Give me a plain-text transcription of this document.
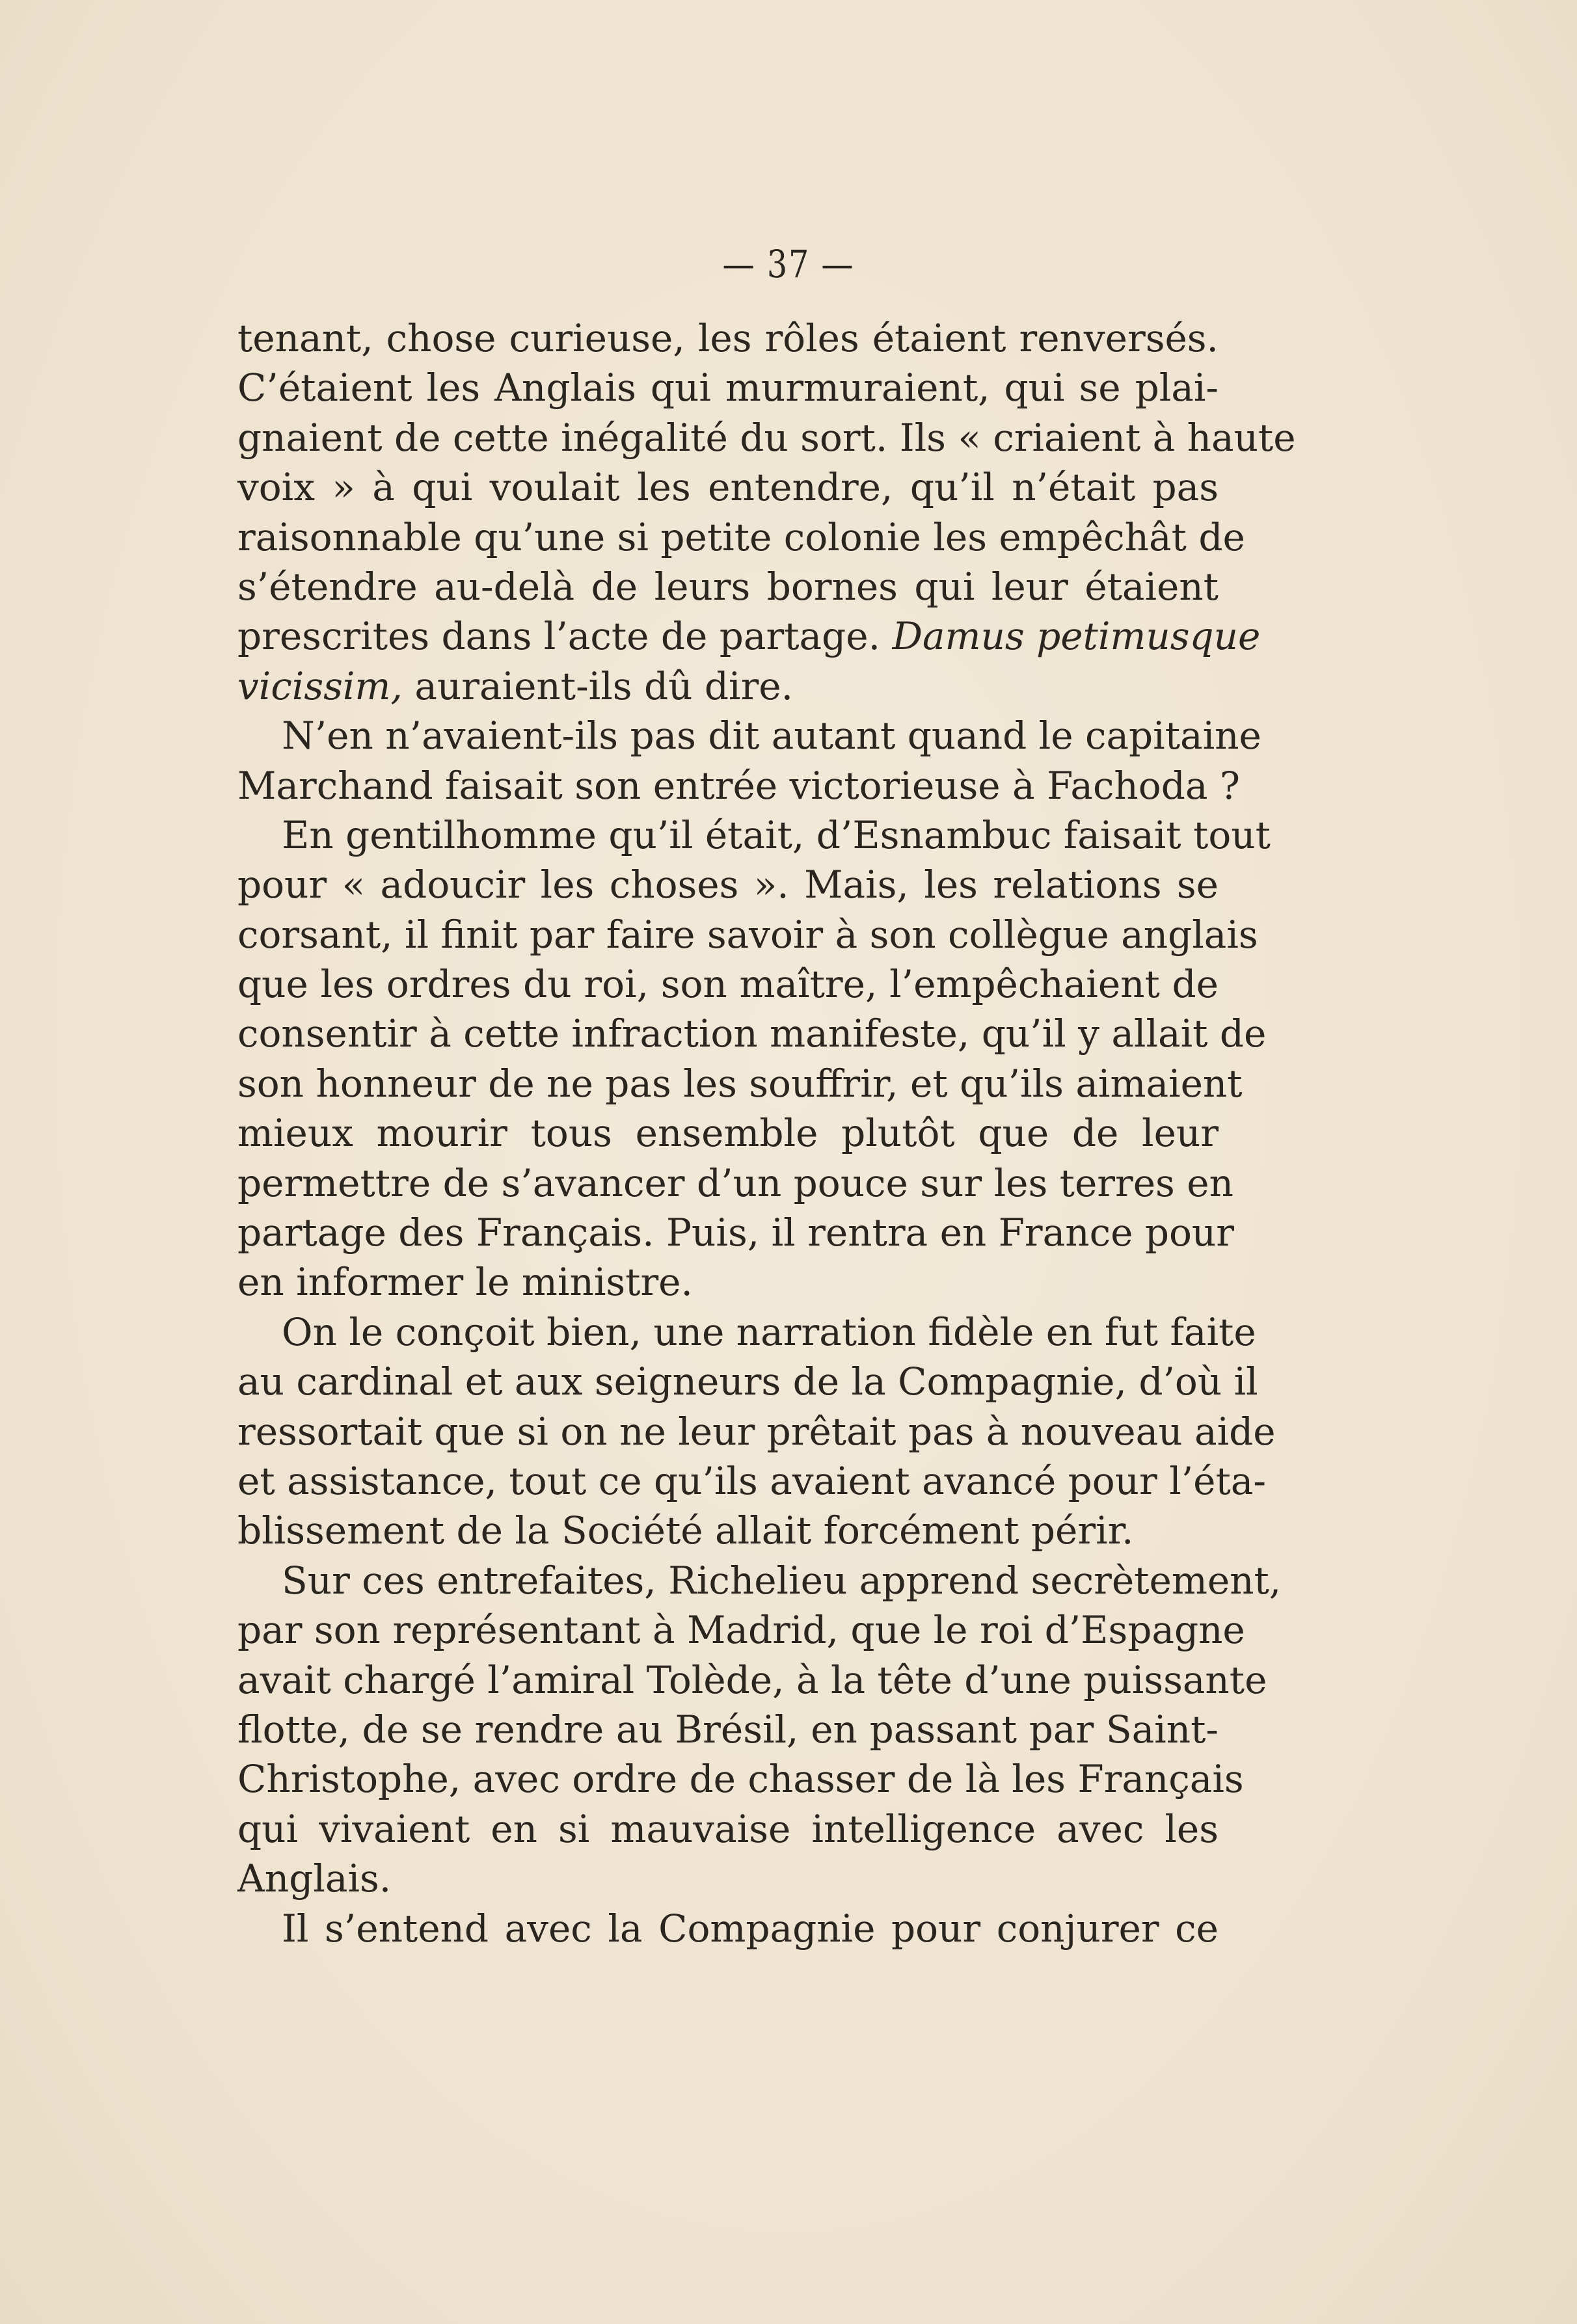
— 37 —
tenant, chose curieuse, les rôles étaient renversés.
C’étaient les Anglais qui murmuraient, qui se plai-
gnaient de cette inégalité du sort. Ils « criaient à haute
voix » à qui voulait les entendre, qu’il n’était pas
raisonnable qu’une si petite colonie les empêchât de
s’étendre au-delà de leurs bornes qui leur étaient
prescrites dans l’acte de partage. Damus petimusque
vicissim, auraient-ils dû dire.
N’en n’avaient-ils pas dit autant quand le capitaine
Marchand faisait son entrée victorieuse à Fachoda ?
En gentilhomme qu’il était, d’Esnambuc faisait tout
pour « adoucir les choses ». Mais, les relations se
corsant, il finit par faire savoir à son collègue anglais
que les ordres du roi, son maître, l’empêchaient de
consentir à cette infraction manifeste, qu’il y allait de
son honneur de ne pas les souffrir, et qu’ils aimaient
mieux mourir tous ensemble plutôt que de leur
permettre de s’avancer d’un pouce sur les terres en
partage des Français. Puis, il rentra en France pour
en informer le ministre.
On le conçoit bien, une narration fidèle en fut faite
au cardinal et aux seigneurs de la Compagnie, d’où il
ressortait que si on ne leur prêtait pas à nouveau aide
et assistance, tout ce qu’ils avaient avancé pour l’éta-
blissement de la Société allait forcément périr.
Sur ces entrefaites, Richelieu apprend secrètement,
par son représentant à Madrid, que le roi d’Espagne
avait chargé l’amiral Tolède, à la tête d’une puissante
flotte, de se rendre au Brésil, en passant par Saint-
Christophe, avec ordre de chasser de là les Français
qui vivaient en si mauvaise intelligence avec les
Anglais.
Il s’entend avec la Compagnie pour conjurer ce
